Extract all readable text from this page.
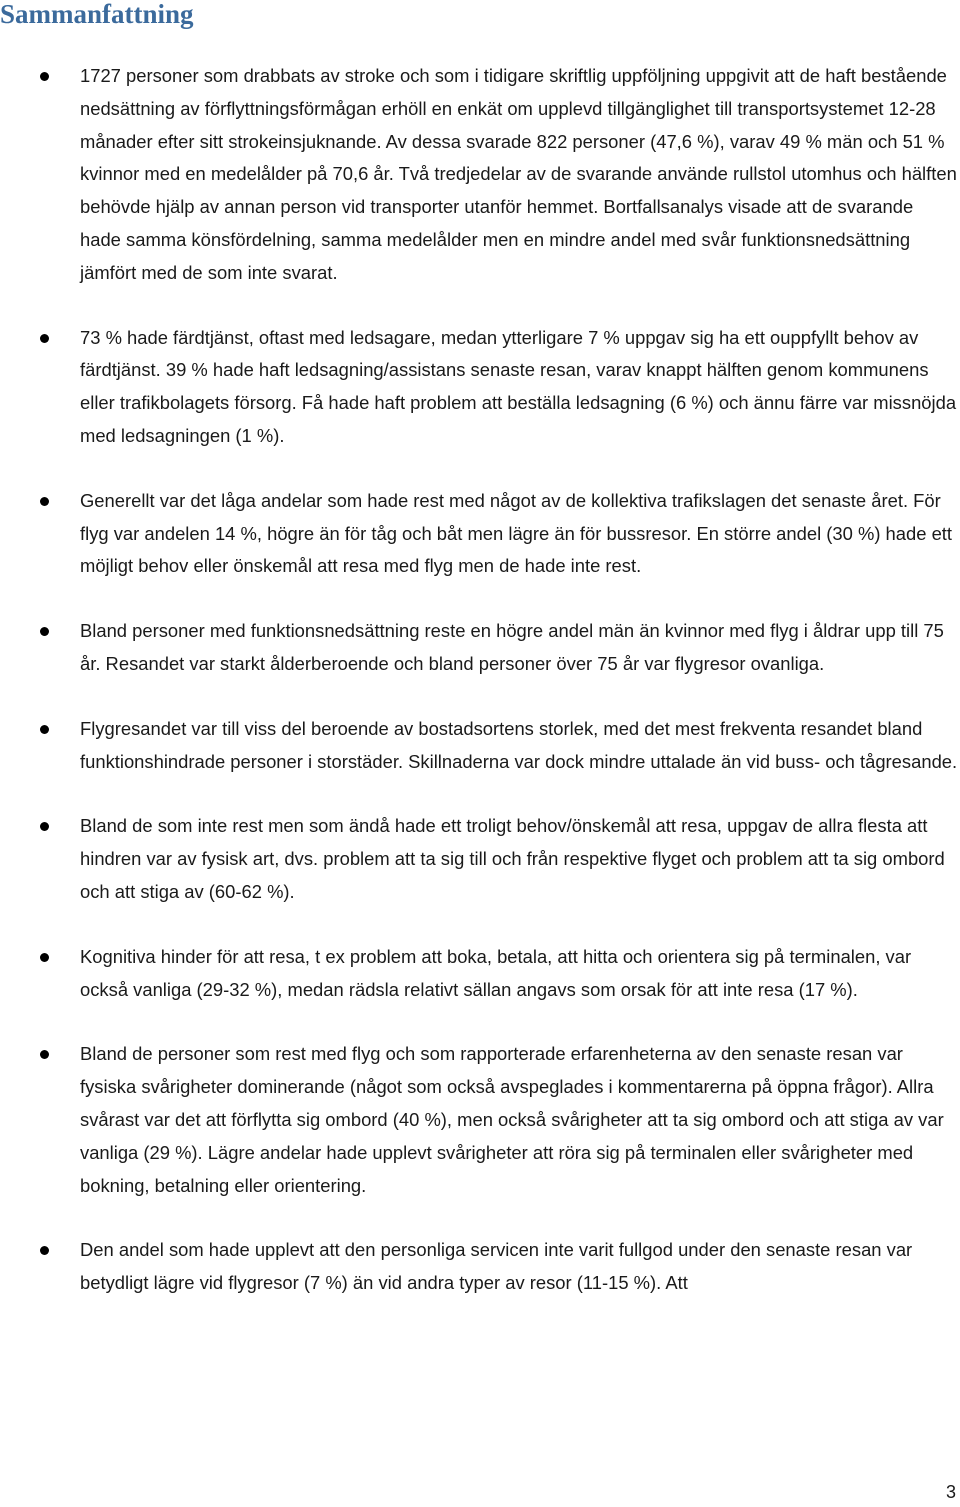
Sammanfattning
1727 personer som drabbats av stroke och som i tidigare skriftlig uppföljning uppgivit att de haft bestående nedsättning av förflyttningsförmågan erhöll en enkät om upplevd tillgänglighet till transportsystemet 12-28 månader efter sitt strokeinsjuknande. Av dessa svarade 822 personer (47,6 %), varav 49 % män och 51 % kvinnor med en medelålder på 70,6 år. Två tredjedelar av de svarande använde rullstol utomhus och hälften behövde hjälp av annan person vid transporter utanför hemmet. Bortfallsanalys visade att de svarande hade samma könsfördelning, samma medelålder men en mindre andel med svår funktionsnedsättning jämfört med de som inte svarat.
73 % hade färdtjänst, oftast med ledsagare, medan ytterligare 7 % uppgav sig ha ett ouppfyllt behov av färdtjänst. 39 % hade haft ledsagning/assistans senaste resan, varav knappt hälften genom kommunens eller trafikbolagets försorg. Få hade haft problem att beställa ledsagning (6 %) och ännu färre var missnöjda med ledsagningen (1 %).
Generellt var det låga andelar som hade rest med något av de kollektiva trafikslagen det senaste året. För flyg var andelen 14 %, högre än för tåg och båt men lägre än för bussresor. En större andel (30 %) hade ett möjligt behov eller önskemål att resa med flyg men de hade inte rest.
Bland personer med funktionsnedsättning reste en högre andel män än kvinnor med flyg i åldrar upp till 75 år. Resandet var starkt ålderberoende och bland personer över 75 år var flygresor ovanliga.
Flygresandet var till viss del beroende av bostadsortens storlek, med det mest frekventa resandet bland funktionshindrade personer i storstäder. Skillnaderna var dock mindre uttalade än vid buss- och tågresande.
Bland de som inte rest men som ändå hade ett troligt behov/önskemål att resa, uppgav de allra flesta att hindren var av fysisk art, dvs. problem att ta sig till och från respektive flyget och problem att ta sig ombord och att stiga av (60-62 %).
Kognitiva hinder för att resa, t ex problem att boka, betala, att hitta och orientera sig på terminalen, var också vanliga (29-32 %), medan rädsla relativt sällan angavs som orsak för att inte resa (17 %).
Bland de personer som rest med flyg och som rapporterade erfarenheterna av den senaste resan var fysiska svårigheter dominerande (något som också avspeglades i kommentarerna på öppna frågor). Allra svårast var det att förflytta sig ombord (40 %), men också svårigheter att ta sig ombord och att stiga av var vanliga (29 %). Lägre andelar hade upplevt svårigheter att röra sig på terminalen eller svårigheter med bokning, betalning eller orientering.
Den andel som hade upplevt att den personliga servicen inte varit fullgod under den senaste resan var betydligt lägre vid flygresor (7 %) än vid andra typer av resor (11-15 %). Att
3
